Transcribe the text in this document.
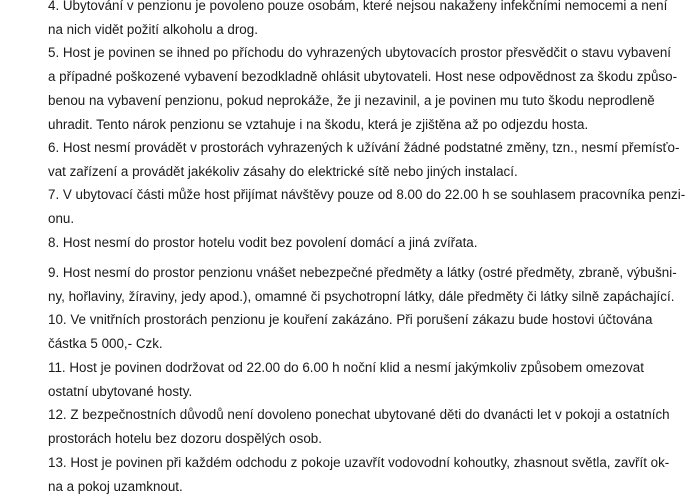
4. Ubytování v penzionu je povoleno pouze osobám, které nejsou nakaženy infekčními nemocemi a není
na nich vidět požití alkoholu a drog.

5. Host je povinen se ihned po příchodu do vyhrazených ubytovacích prostor přesvědčit o stavu vybavení
a případné poškozené vybavení bezodkladně ohlásit ubytovateli. Host nese odpovědnost za škodu způso-
benou na vybavení penzionu, pokud neprokáže, že ji nezavinil, a je povinen mu tuto škodu neprodleně
uhradit. Tento nárok penzionu se vztahuje i na škodu, která je zjištěna až po odjezdu hosta.

6. Host nesmí provádět v prostorách vyhrazených k užívání žádné podstatné změny, tzn., nesmí přemísťo-
vat zařízení a provádět jakékoliv zásahy do elektrické sítě nebo jiných instalací.

7. V ubytovací části může host přijímat návštěvy pouze od 8.00 do 22.00 h se souhlasem pracovníka penzi-
onu.

8. Host nesmí do prostor hotelu vodit bez povolení domácí a jiná zvířata.

9. Host nesmí do prostor penzionu vnášet nebezpečné předměty a látky (ostré předměty, zbraně, výbušni-
ny, hořlaviny, žíraviny, jedy apod.), omamné či psychotropní látky, dále předměty či látky silně zapáchající.

10. Ve vnitřních prostorách penzionu je kouření zakázáno. Při porušení zákazu bude hostovi účtována
částka 5 000,- Czk.

11. Host je povinen dodržovat od 22.00 do 6.00 h noční klid a nesmí jakýmkoliv způsobem omezovat
ostatní ubytované hosty.

12. Z bezpečnostních důvodů není dovoleno ponechat ubytované děti do dvanácti let v pokoji a ostatních
prostorách hotelu bez dozoru dospělých osob.

13. Host je povinen při každém odchodu z pokoje uzavřít vodovodní kohoutky, zhasnout světla, zavřít ok-
na a pokoj uzamknout.
